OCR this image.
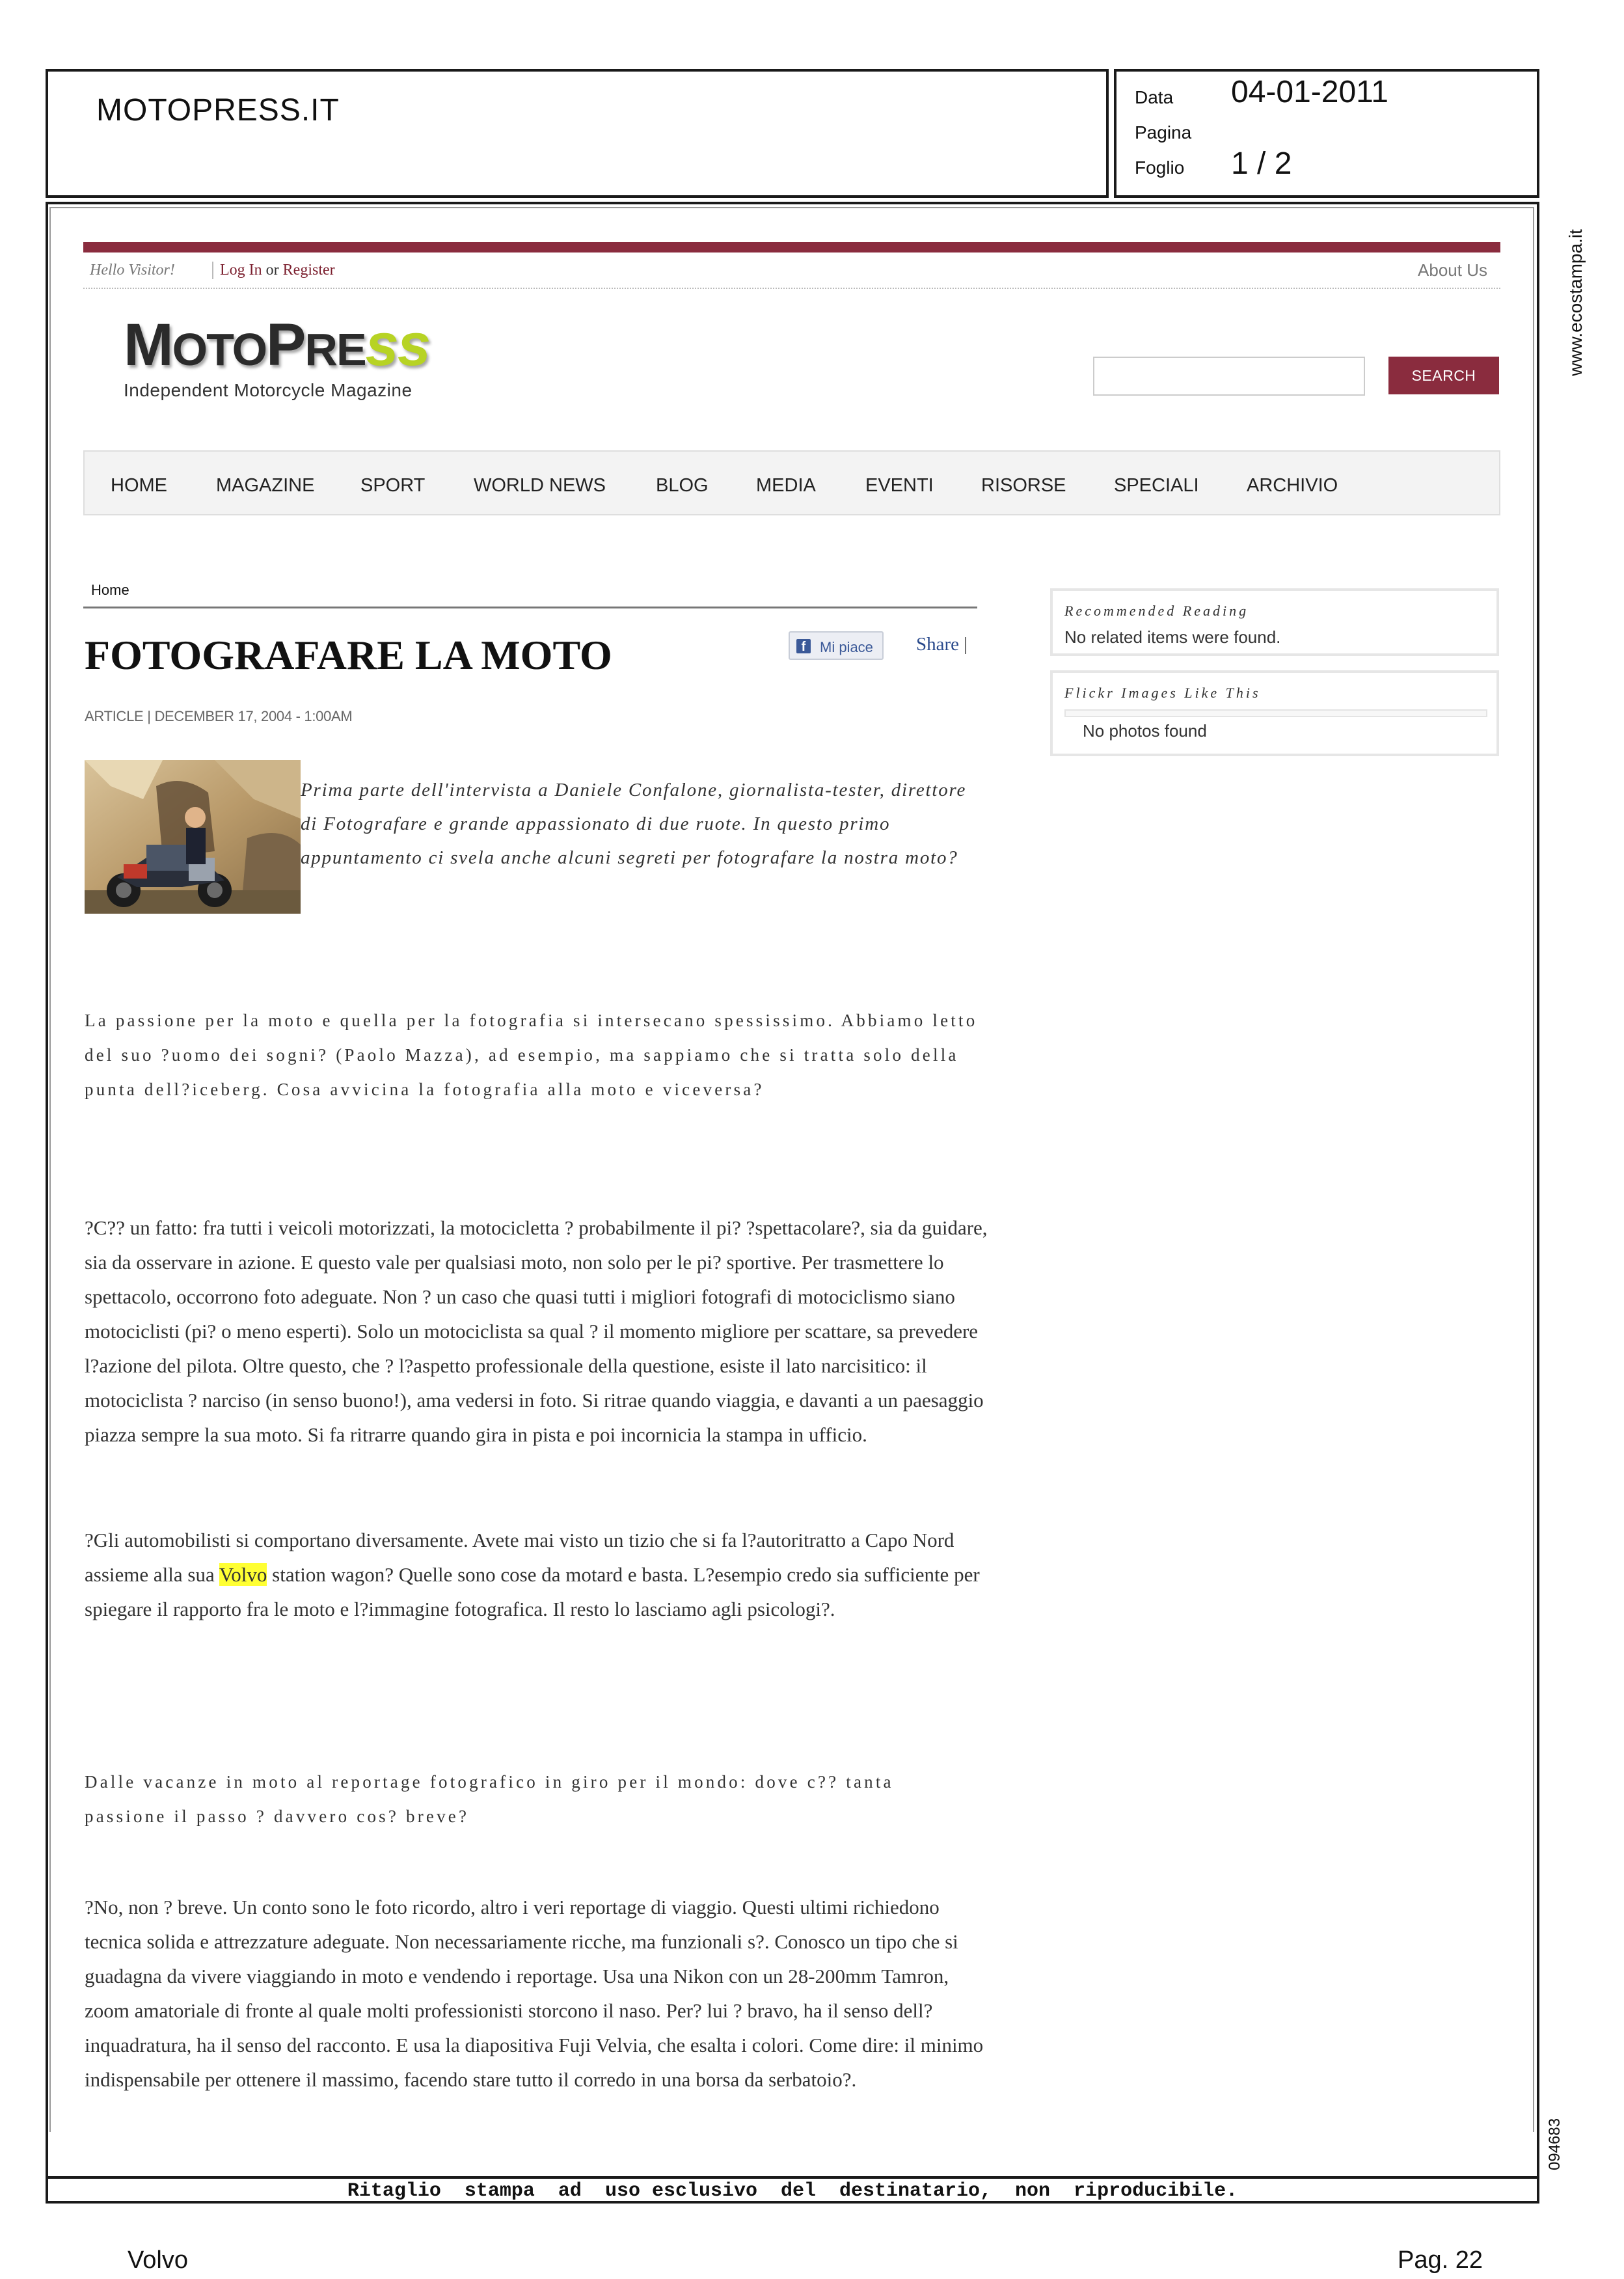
MOTOPRESS.IT	Data 04-01-2011
Pagina
Foglio 1 / 2
Ritaglio  stampa  ad  uso esclusivo  del  destinatario,  non  riproducibile.
www.ecostampa.it
094683
Volvo	Pag. 22
Hello Visitor!	Log In or Register	About Us
MOTOPREss
Independent Motorcycle Magazine
SEARCH
HOME	MAGAZINE SPORT	WORLD NEWS	BLOG	MEDIA	EVENTI	RISORSE	SPECIALI	ARCHIVIO
Home
FOTOGRAFARE LA MOTO	f Mi piace Share |
ARTICLE | DECEMBER 17, 2004 - 1:00AM
Prima parte dell'intervista a Daniele Confalone, giornalista-tester, direttore di Fotografare e grande appassionato di due ruote. In questo primo appuntamento ci svela anche alcuni segreti per fotografare la nostra moto?
La passione per la moto e quella per la fotografia si intersecano spessissimo. Abbiamo letto del suo ?uomo dei sogni? (Paolo Mazza), ad esempio, ma sappiamo che si tratta solo della punta dell?iceberg. Cosa avvicina la fotografia alla moto e viceversa?
?C?? un fatto: fra tutti i veicoli motorizzati, la motocicletta ? probabilmente il pi? ?spettacolare?, sia da guidare, sia da osservare in azione. E questo vale per qualsiasi moto, non solo per le pi? sportive. Per trasmettere lo spettacolo, occorrono foto adeguate. Non ? un caso che quasi tutti i migliori fotografi di motociclismo siano motociclisti (pi? o meno esperti). Solo un motociclista sa qual ? il momento migliore per scattare, sa prevedere l?azione del pilota. Oltre questo, che ? l?aspetto professionale della questione, esiste il lato narcisitico: il motociclista ? narciso (in senso buono!), ama vedersi in foto. Si ritrae quando viaggia, e davanti a un paesaggio piazza sempre la sua moto. Si fa ritrarre quando gira in pista e poi incornicia la stampa in ufficio.
?Gli automobilisti si comportano diversamente. Avete mai visto un tizio che si fa l?autoritratto a Capo Nord assieme alla sua Volvo station wagon? Quelle sono cose da motard e basta. L?esempio credo sia sufficiente per spiegare il rapporto fra le moto e l?immagine fotografica. Il resto lo lasciamo agli psicologi?.
Dalle vacanze in moto al reportage fotografico in giro per il mondo: dove c?? tanta passione il passo ? davvero cos? breve?
?No, non ? breve. Un conto sono le foto ricordo, altro i veri reportage di viaggio. Questi ultimi richiedono tecnica solida e attrezzature adeguate. Non necessariamente ricche, ma funzionali s?. Conosco un tipo che si guadagna da vivere viaggiando in moto e vendendo i reportage. Usa una Nikon con un 28-200mm Tamron, zoom amatoriale di fronte al quale molti professionisti storcono il naso. Per? lui ? bravo, ha il senso dell?inquadratura, ha il senso del racconto. E usa la diapositiva Fuji Velvia, che esalta i colori. Come dire: il minimo indispensabile per ottenere il massimo, facendo stare tutto il corredo in una borsa da serbatoio?.
Recommended Reading
No related items were found.
Flickr Images Like This
No photos found
